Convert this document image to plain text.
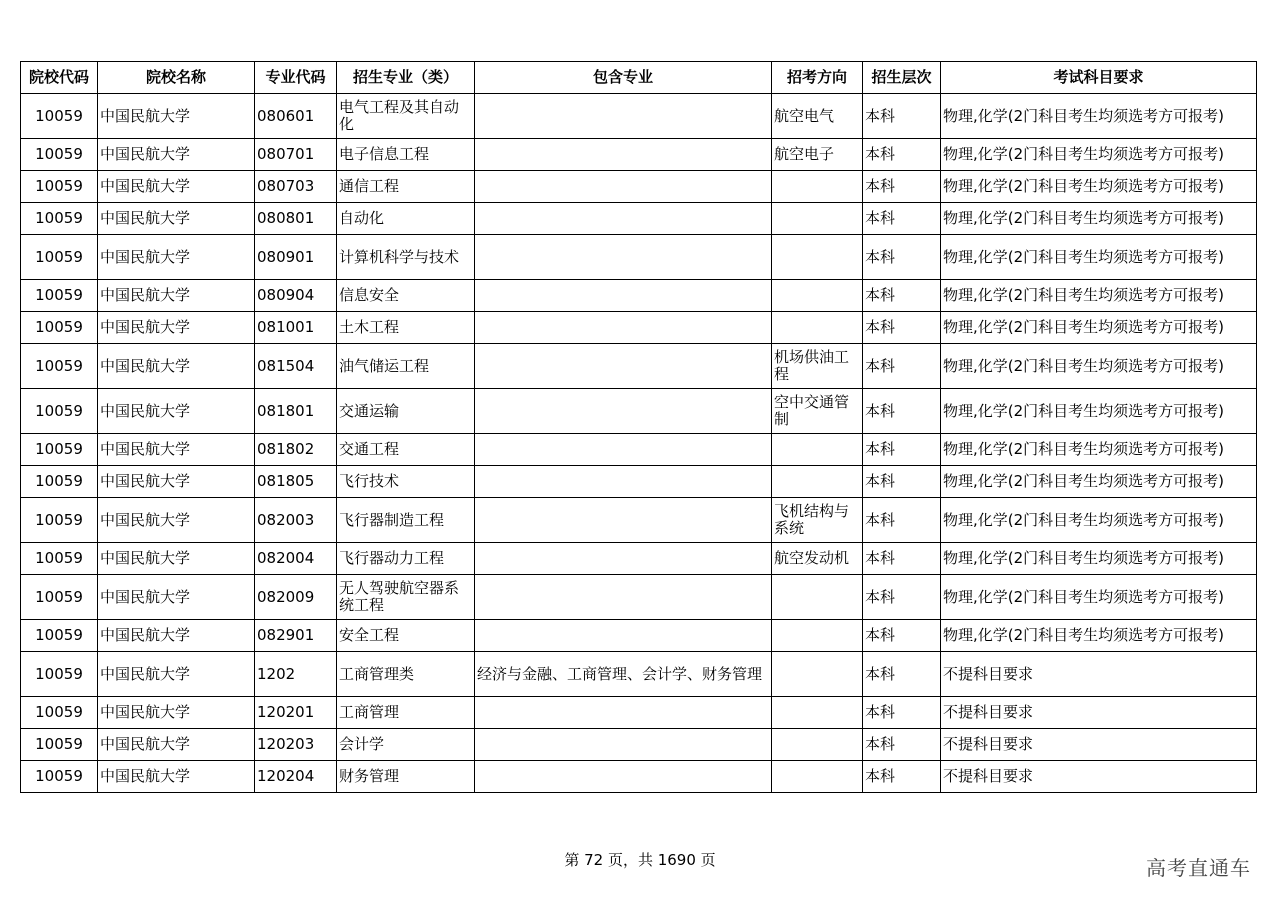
院校代码	院校名称	专业代码	招生专业（类）	包含专业	招考方向	招生层次	考试科目要求
10059	中国民航大学	080601	电气工程及其自动化		航空电气	本科	物理,化学(2门科目考生均须选考方可报考)
10059	中国民航大学	080701	电子信息工程		航空电子	本科	物理,化学(2门科目考生均须选考方可报考)
10059	中国民航大学	080703	通信工程			本科	物理,化学(2门科目考生均须选考方可报考)
10059	中国民航大学	080801	自动化			本科	物理,化学(2门科目考生均须选考方可报考)
10059	中国民航大学	080901	计算机科学与技术			本科	物理,化学(2门科目考生均须选考方可报考)
10059	中国民航大学	080904	信息安全			本科	物理,化学(2门科目考生均须选考方可报考)
10059	中国民航大学	081001	土木工程			本科	物理,化学(2门科目考生均须选考方可报考)
10059	中国民航大学	081504	油气储运工程		机场供油工程	本科	物理,化学(2门科目考生均须选考方可报考)
10059	中国民航大学	081801	交通运输		空中交通管制	本科	物理,化学(2门科目考生均须选考方可报考)
10059	中国民航大学	081802	交通工程			本科	物理,化学(2门科目考生均须选考方可报考)
10059	中国民航大学	081805	飞行技术			本科	物理,化学(2门科目考生均须选考方可报考)
10059	中国民航大学	082003	飞行器制造工程		飞机结构与系统	本科	物理,化学(2门科目考生均须选考方可报考)
10059	中国民航大学	082004	飞行器动力工程		航空发动机	本科	物理,化学(2门科目考生均须选考方可报考)
10059	中国民航大学	082009	无人驾驶航空器系统工程			本科	物理,化学(2门科目考生均须选考方可报考)
10059	中国民航大学	082901	安全工程			本科	物理,化学(2门科目考生均须选考方可报考)
10059	中国民航大学	1202	工商管理类	经济与金融、工商管理、会计学、财务管理		本科	不提科目要求
10059	中国民航大学	120201	工商管理			本科	不提科目要求
10059	中国民航大学	120203	会计学			本科	不提科目要求
10059	中国民航大学	120204	财务管理			本科	不提科目要求
第 72 页，共 1690 页	高考直通车
